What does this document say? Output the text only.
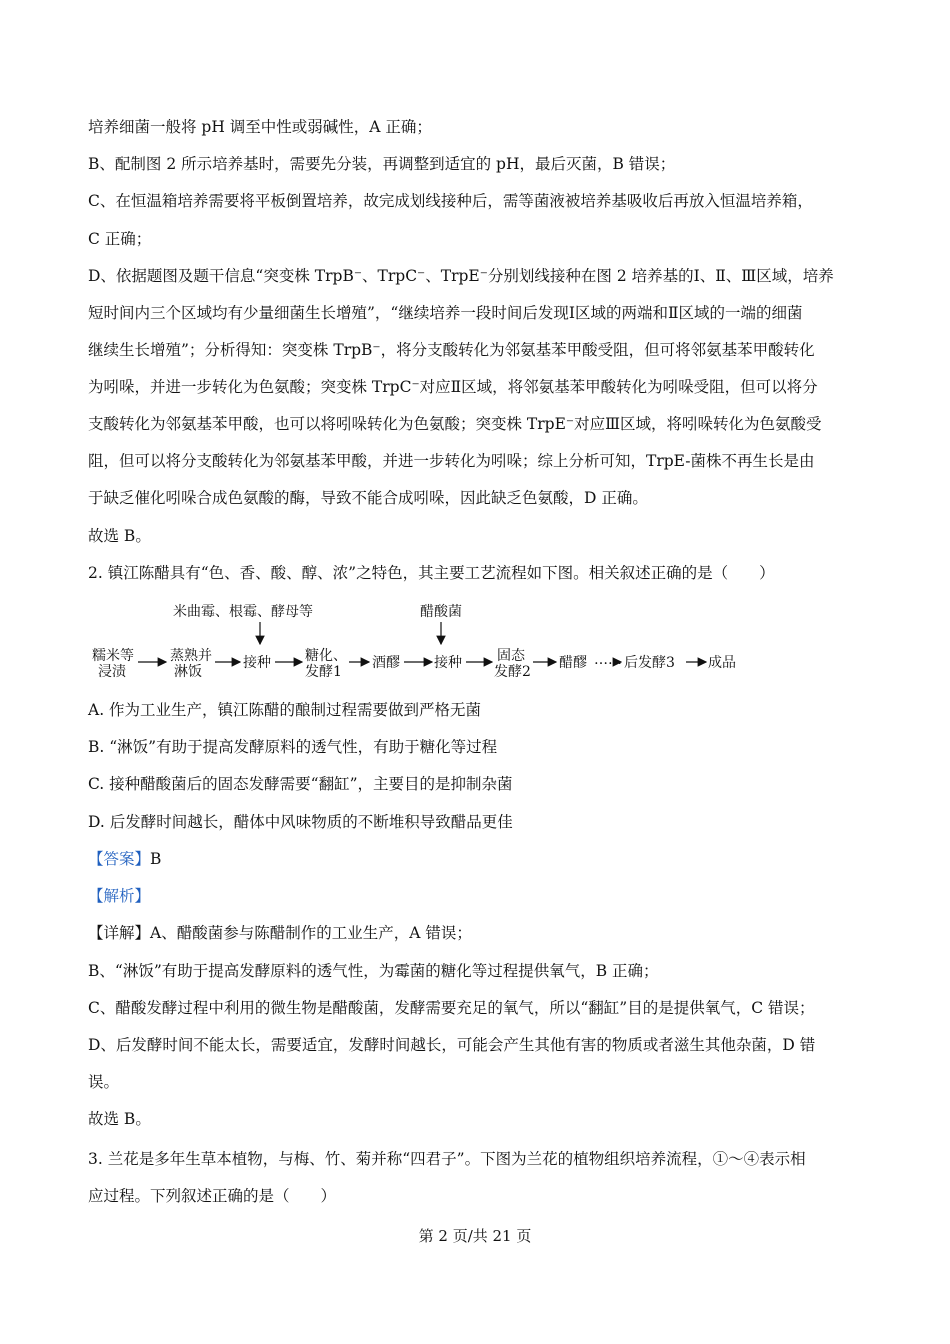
培养细菌一般将 pH 调至中性或弱碱性，A 正确；
B、配制图 2 所示培养基时，需要先分装，再调整到适宜的 pH，最后灭菌，B 错误；
C、在恒温箱培养需要将平板倒置培养，故完成划线接种后，需等菌液被培养基吸收后再放入恒温培养箱，
C 正确；
D、依据题图及题干信息“突变株 TrpB⁻、TrpC⁻、TrpE⁻分别划线接种在图 2 培养基的Ⅰ、Ⅱ、Ⅲ区域，培养
短时间内三个区域均有少量细菌生长增殖”，“继续培养一段时间后发现Ⅰ区域的两端和Ⅱ区域的一端的细菌
继续生长增殖”；分析得知：突变株 TrpB⁻，将分支酸转化为邻氨基苯甲酸受阻，但可将邻氨基苯甲酸转化
为吲哚，并进一步转化为色氨酸；突变株 TrpC⁻对应Ⅱ区域，将邻氨基苯甲酸转化为吲哚受阻，但可以将分
支酸转化为邻氨基苯甲酸，也可以将吲哚转化为色氨酸；突变株 TrpE⁻对应Ⅲ区域，将吲哚转化为色氨酸受
阻，但可以将分支酸转化为邻氨基苯甲酸，并进一步转化为吲哚；综上分析可知，TrpE-菌株不再生长是由
于缺乏催化吲哚合成色氨酸的酶，导致不能合成吲哚，因此缺乏色氨酸，D 正确。
故选 B。
2. 镇江陈醋具有“色、香、酸、醇、浓”之特色，其主要工艺流程如下图。相关叙述正确的是（　　）
米曲霉、根霉、酵母等	醋酸菌
糯米等
浸渍
蒸熟并
淋饭
接种 糖化、
发酵1
酒醪 接种	固态
发酵2
醋醪 …… 后发酵3 成品
A. 作为工业生产，镇江陈醋的酿制过程需要做到严格无菌
B. “淋饭”有助于提高发酵原料的透气性，有助于糖化等过程
C. 接种醋酸菌后的固态发酵需要“翻缸”，主要目的是抑制杂菌
D. 后发酵时间越长，醋体中风味物质的不断堆积导致醋品更佳
【答案】B
【解析】
【详解】A、醋酸菌参与陈醋制作的工业生产，A 错误；
B、“淋饭”有助于提高发酵原料的透气性，为霉菌的糖化等过程提供氧气，B 正确；
C、醋酸发酵过程中利用的微生物是醋酸菌，发酵需要充足的氧气，所以“翻缸”目的是提供氧气，C 错误；
D、后发酵时间不能太长，需要适宜，发酵时间越长，可能会产生其他有害的物质或者滋生其他杂菌，D 错
误。
故选 B。
3. 兰花是多年生草本植物，与梅、竹、菊并称“四君子”。下图为兰花的植物组织培养流程，①～④表示相
应过程。下列叙述正确的是（　　）
第 2 页/共 21 页
